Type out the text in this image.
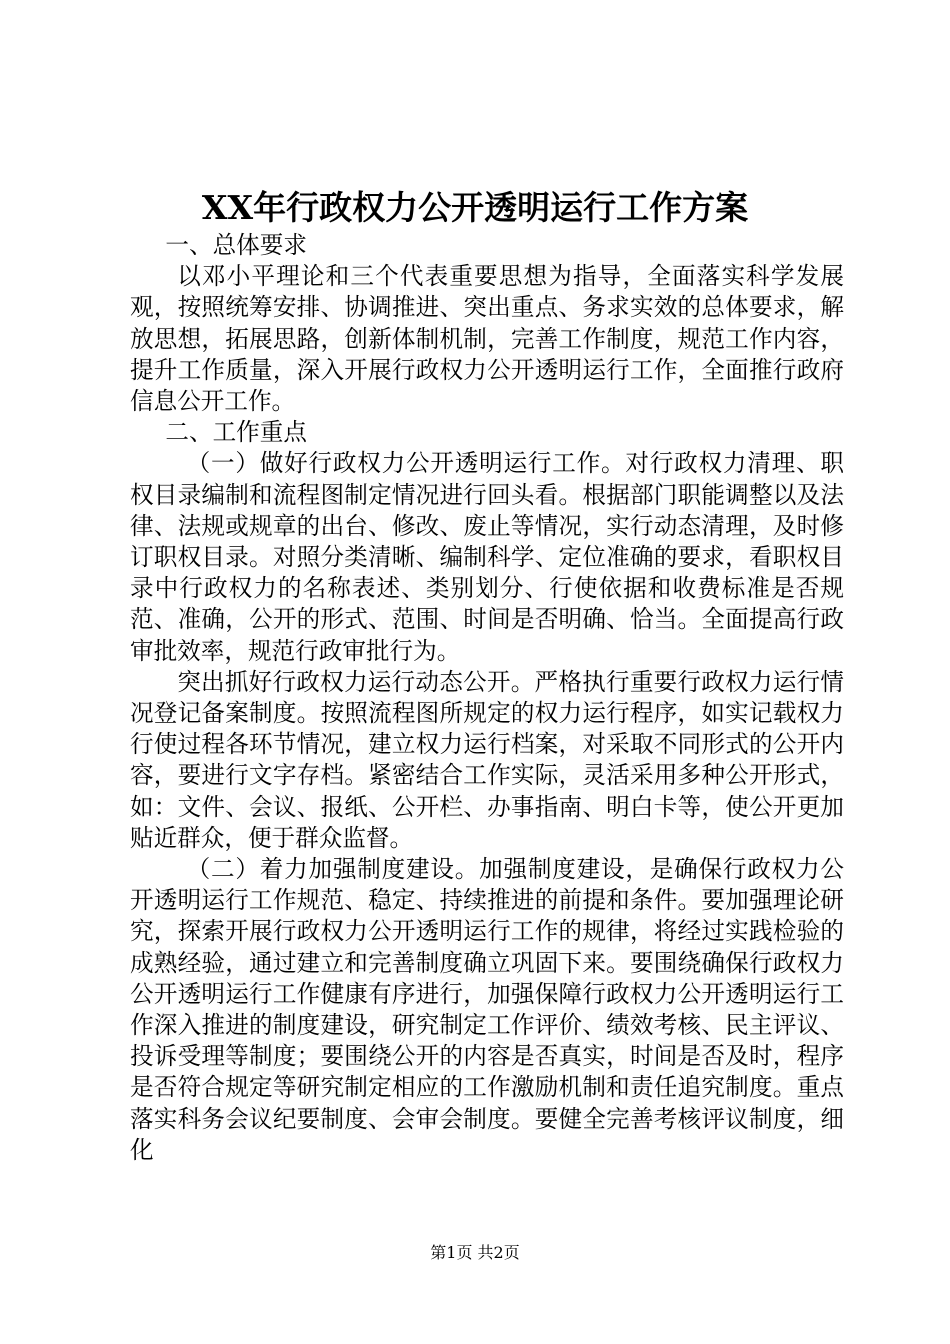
XX年行政权力公开透明运行工作方案

一、总体要求

以邓小平理论和三个代表重要思想为指导，全面落实科学发展观，按照统筹安排、协调推进、突出重点、务求实效的总体要求，解放思想，拓展思路，创新体制机制，完善工作制度，规范工作内容，提升工作质量，深入开展行政权力公开透明运行工作，全面推行政府信息公开工作。

二、工作重点

（一）做好行政权力公开透明运行工作。对行政权力清理、职权目录编制和流程图制定情况进行回头看。根据部门职能调整以及法律、法规或规章的出台、修改、废止等情况，实行动态清理，及时修订职权目录。对照分类清晰、编制科学、定位准确的要求，看职权目录中行政权力的名称表述、类别划分、行使依据和收费标准是否规范、准确，公开的形式、范围、时间是否明确、恰当。全面提高行政审批效率，规范行政审批行为。

突出抓好行政权力运行动态公开。严格执行重要行政权力运行情况登记备案制度。按照流程图所规定的权力运行程序，如实记载权力行使过程各环节情况，建立权力运行档案，对采取不同形式的公开内容，要进行文字存档。紧密结合工作实际，灵活采用多种公开形式，如：文件、会议、报纸、公开栏、办事指南、明白卡等，使公开更加贴近群众，便于群众监督。

（二）着力加强制度建设。加强制度建设，是确保行政权力公开透明运行工作规范、稳定、持续推进的前提和条件。要加强理论研究，探索开展行政权力公开透明运行工作的规律，将经过实践检验的成熟经验，通过建立和完善制度确立巩固下来。要围绕确保行政权力公开透明运行工作健康有序进行，加强保障行政权力公开透明运行工作深入推进的制度建设，研究制定工作评价、绩效考核、民主评议、投诉受理等制度；要围绕公开的内容是否真实，时间是否及时，程序是否符合规定等研究制定相应的工作激励机制和责任追究制度。重点落实科务会议纪要制度、会审会制度。要健全完善考核评议制度，细化

第1页 共2页
